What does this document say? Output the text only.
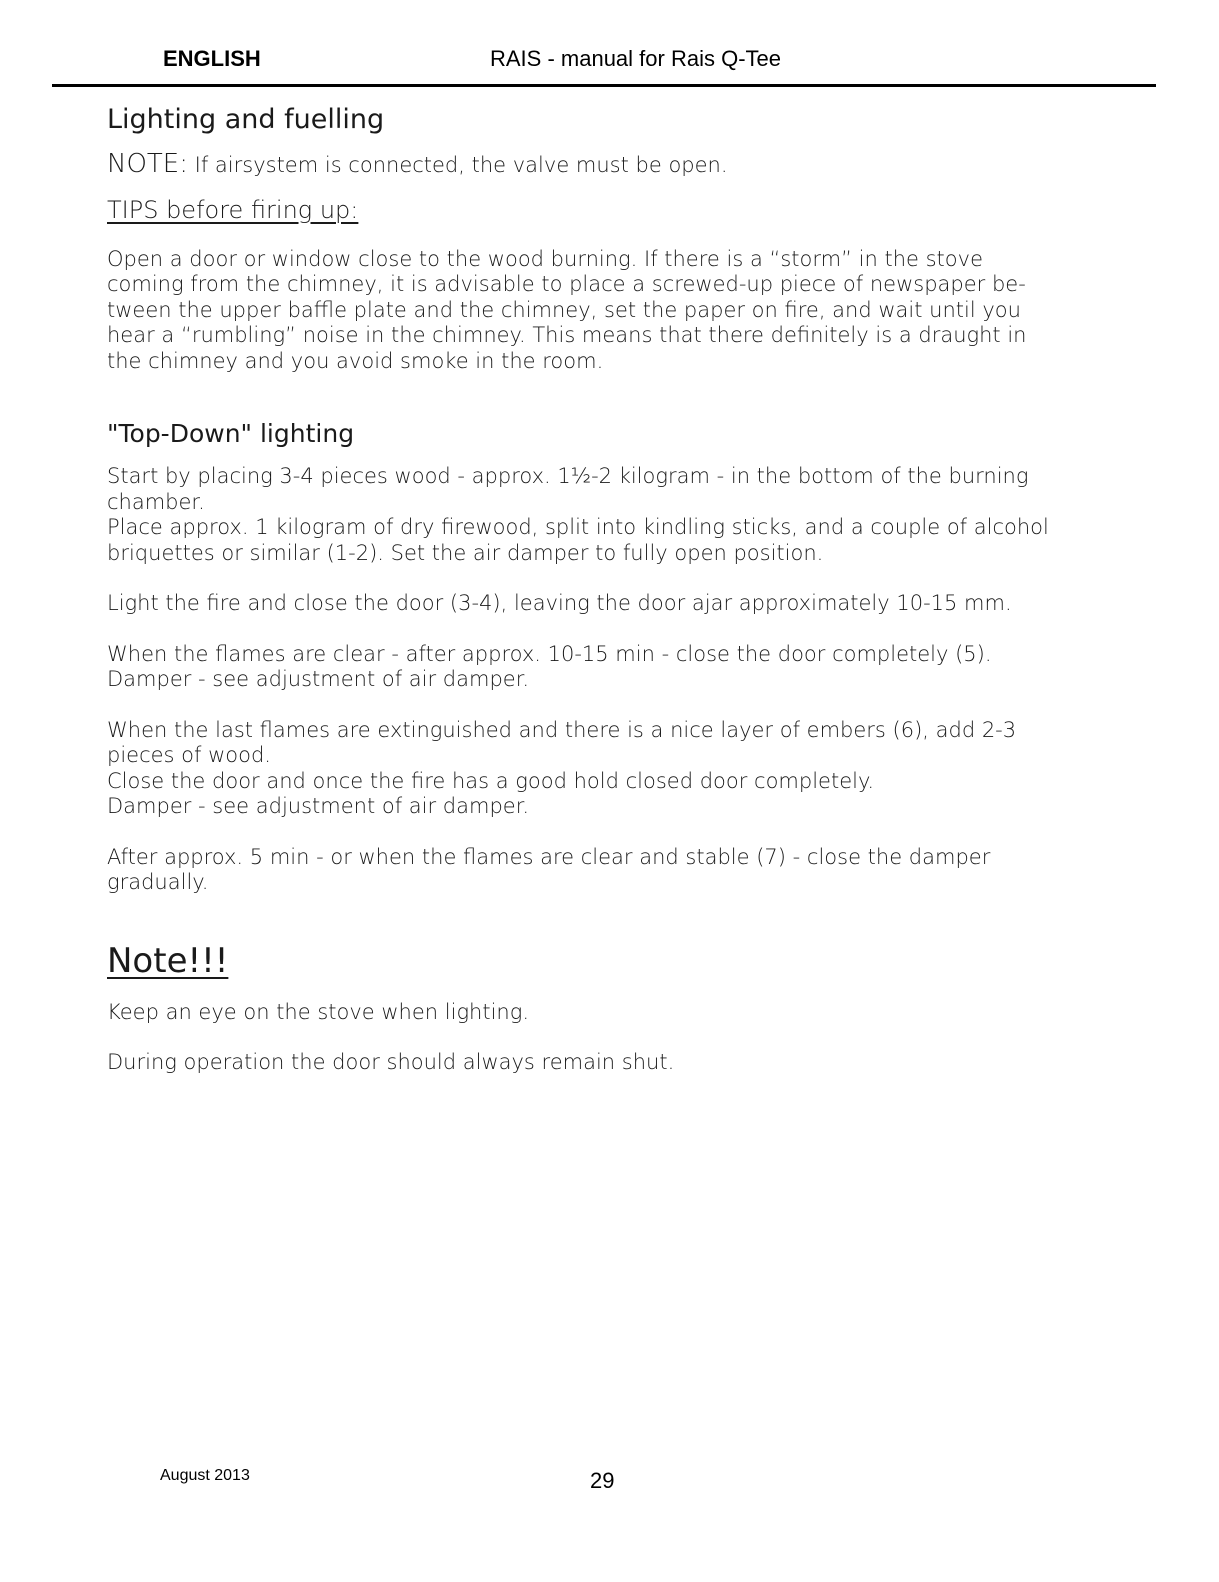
ENGLISH	RAIS - manual for Rais Q-Tee
Lighting and fuelling
NOTE: If airsystem is connected, the valve must be open.
TIPS before firing up:

Open a door or window close to the wood burning. If there is a “storm” in the stove
coming from the chimney, it is advisable to place a screwed-up piece of newspaper be-
tween the upper baffle plate and the chimney, set the paper on fire, and wait until you
hear a “rumbling” noise in the chimney. This means that there definitely is a draught in
the chimney and you avoid smoke in the room.

"Top-Down" lighting

Start by placing 3-4 pieces wood - approx. 1½-2 kilogram - in the bottom of the burning
chamber.

Place approx. 1 kilogram of dry firewood, split into kindling sticks, and a couple of alcohol
briquettes or similar (1-2). Set the air damper to fully open position.

Light the fire and close the door (3-4), leaving the door ajar approximately 10-15 mm.

When the flames are clear - after approx. 10-15 min - close the door completely (5).
Damper - see adjustment of air damper.

When the last flames are extinguished and there is a nice layer of embers (6), add 2-3
pieces of wood.
Close the door and once the fire has a good hold closed door completely.
Damper - see adjustment of air damper.

After approx. 5 min - or when the flames are clear and stable (7) - close the damper
gradually.

Note!!!

Keep an eye on the stove when lighting.

During operation the door should always remain shut.

August 2013	29
